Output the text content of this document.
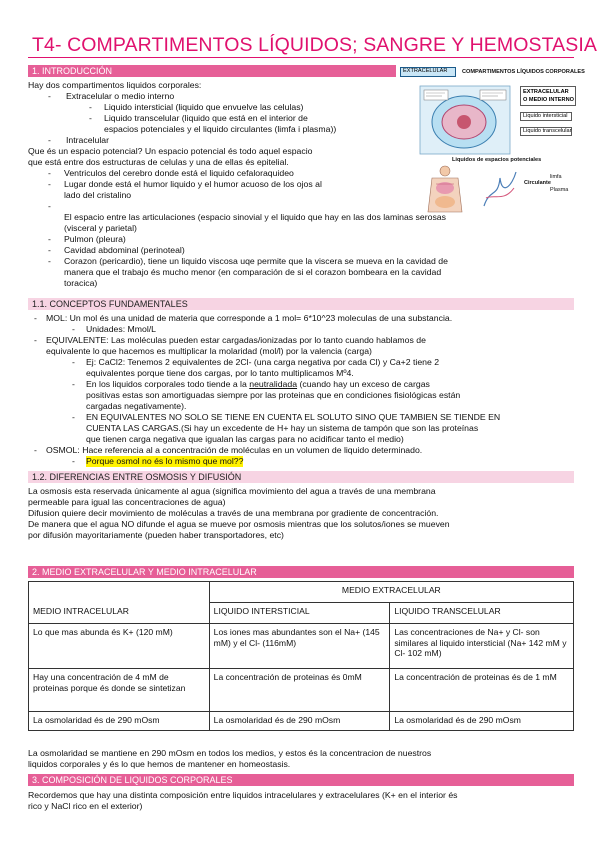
T4- COMPARTIMENTOS LÍQUIDOS; SANGRE Y HEMOSTASIA
1. INTRODUCCIÓN
Hay dos compartimentos liquidos corporales:
- Extracelular o medio interno
- Liquido intersticial (liquido que envuelve las celulas)
- Liquido transcelular (liquido que está en el interior de
espacios potenciales y el liquido circulantes (limfa i plasma))
- Intracelular
Que és un espacio potencial? Un espacio potencial és todo aquel espacio
que está entre dos estructuras de celulas y una de ellas és epitelial.
- Ventriculos del cerebro donde está el liquido cefaloraquideo
- Lugar donde está el humor liquido y el humor acuoso de los ojos al
lado del cristalino
-
El espacio entre las articulaciones (espacio sinovial y el liquido que hay en las dos laminas serosas
(visceral y parietal)
- Pulmon (pleura)
- Cavidad abdominal (perinoteal)
- Corazon (pericardio), tiene un liquido viscosa uqe permite que la viscera se mueva en la cavidad de
manera que el trabajo és mucho menor (en comparación de si el corazon bombeara en la cavidad
toracica)
EXTRACELULAR	COMPARTIMENTOS LÍQUIDOS CORPORALES
EXTRACELULAR
O MEDIO INTERNO
Liquido intersticial
Liquido transcelular
Liquidos de espacios potenciales
limfa
Circulante
Plasma
1.1. CONCEPTOS FUNDAMENTALES
- MOL: Un mol és una unidad de materia que corresponde a 1 mol= 6*10^23 moleculas de una substancia.
- Unidades: Mmol/L
- EQUIVALENTE: Las moléculas pueden estar cargadas/ionizadas por lo tanto cuando hablamos de
equivalente lo que hacemos es multiplicar la molaridad (mol/l) por la valencia (carga)
- Ej: CaCl2: Tenemos 2 equivalentes de 2Cl- (una carga negativa por cada Cl) y Ca+2 tiene 2
equivalentes porque tiene dos cargas, por lo tanto multiplicamos Mº4.
- En los liquidos corporales todo tiende a la neutralidada (cuando hay un exceso de cargas
positivas estas son amortiguadas siempre por las proteinas que en condiciones fisiológicas están
cargadas negativamente).
- EN EQUIVALENTES NO SOLO SE TIENE EN CUENTA EL SOLUTO SINO QUE TAMBIEN SE TIENDE EN
CUENTA LAS CARGAS.(Si hay un excedente de H+ hay un sistema de tampón que son las proteínas
que tienen carga negativa que igualan las cargas para no acidificar tanto el medio)
- OSMOL: Hace referencia al a concentración de moléculas en un volumen de liquido determinado.
- Porque osmol no és lo mismo que mol??
1.2. DIFERENCIAS ENTRE OSMOSIS Y DIFUSIÓN
La osmosis esta reservada únicamente al agua (significa movimiento del agua a través de una membrana
permeable para igual las concentraciones de agua)
Difusion quiere decir movimiento de moléculas a través de una membrana por gradiente de concentración.
De manera que el agua NO difunde el agua se mueve por osmosis mientras que los solutos/iones se mueven
por difusión mayoritariamente (pueden haber transportadores, etc)
2. MEDIO EXTRACELULAR Y MEDIO INTRACELULAR
MEDIO INTRACELULAR	MEDIO EXTRACELULAR	
	LIQUIDO INTERSTICIAL	LIQUIDO TRANSCELULAR
Lo que mas abunda és K+ (120 mM)	Los iones mas abundantes son el Na+ (145 mM) y el Cl- (116mM)	Las concentraciones de Na+ y Cl- son similares al liquido intersticial (Na+ 142 mM y Cl- 102 mM)
Hay una concentración de 4 mM de proteinas porque és donde se sintetizan	La concentración de proteinas és 0mM	La concentración de proteinas és de 1 mM
La osmolaridad és de 290 mOsm	La osmolaridad és de 290 mOsm	La osmolaridad és de 290 mOsm
La osmolaridad se mantiene en 290 mOsm en todos los medios, y estos és la concentracion de nuestros
liquidos corporales y és lo que hemos de mantener en homeostasis.
3. COMPOSICIÓN DE LIQUIDOS CORPORALES
Recordemos que hay una distinta composición entre liquidos intracelulares y extracelulares (K+ en el interior és
rico y NaCl rico en el exterior)
